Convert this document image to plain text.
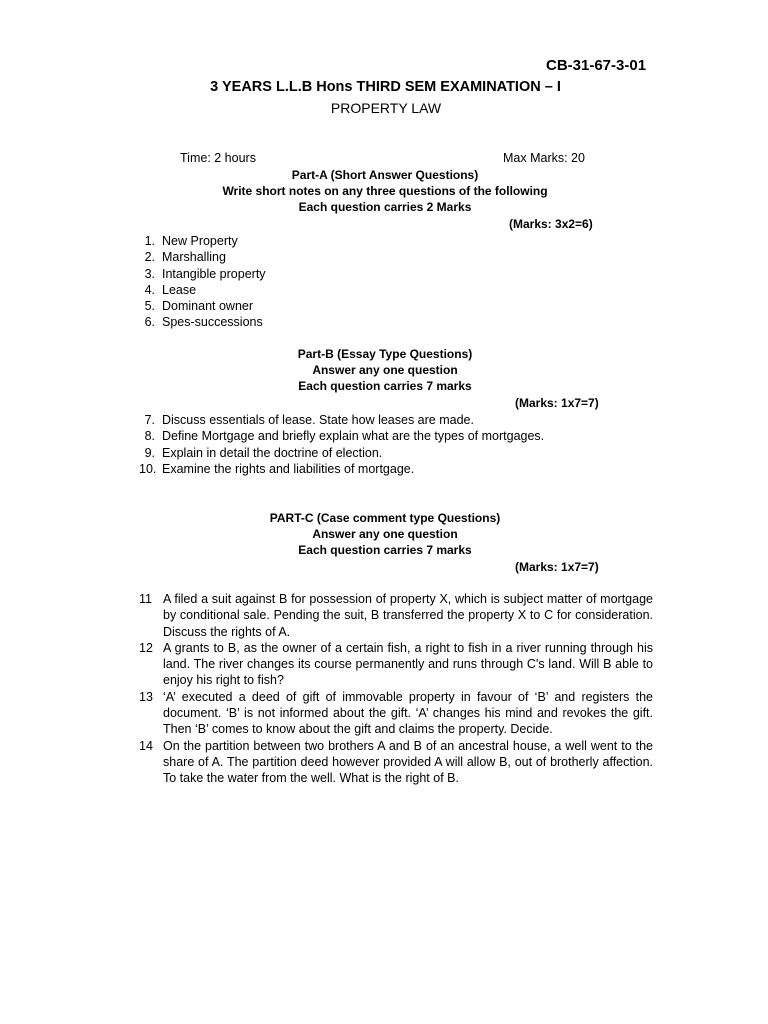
CB-31-67-3-01
3 YEARS L.L.B Hons THIRD SEM EXAMINATION – I
PROPERTY LAW
Time: 2 hours	Max Marks: 20
Part-A (Short Answer Questions)
Write short notes on any three questions of the following
Each question carries 2 Marks
(Marks: 3x2=6)
1. New Property
2. Marshalling
3. Intangible property
4. Lease
5. Dominant owner
6. Spes-successions
Part-B (Essay Type Questions)
Answer any one question
Each question carries 7 marks
(Marks: 1x7=7)
7. Discuss essentials of lease. State how leases are made.
8. Define Mortgage and briefly explain what are the types of mortgages.
9. Explain in detail the doctrine of election.
10. Examine the rights and liabilities of mortgage.
PART-C (Case comment type Questions)
Answer any one question
Each question carries 7 marks
(Marks: 1x7=7)
11 A filed a suit against B for possession of property X, which is subject matter of mortgage by conditional sale. Pending the suit, B transferred the property X to C for consideration. Discuss the rights of A.
12 A grants to B, as the owner of a certain fish, a right to fish in a river running through his land. The river changes its course permanently and runs through C's land. Will B able to enjoy his right to fish?
13 ‘A’ executed a deed of gift of immovable property in favour of ‘B’ and registers the document. ‘B’ is not informed about the gift. ‘A’ changes his mind and revokes the gift. Then ‘B’ comes to know about the gift and claims the property. Decide.
14 On the partition between two brothers A and B of an ancestral house, a well went to the share of A. The partition deed however provided A will allow B, out of brotherly affection. To take the water from the well. What is the right of B.
